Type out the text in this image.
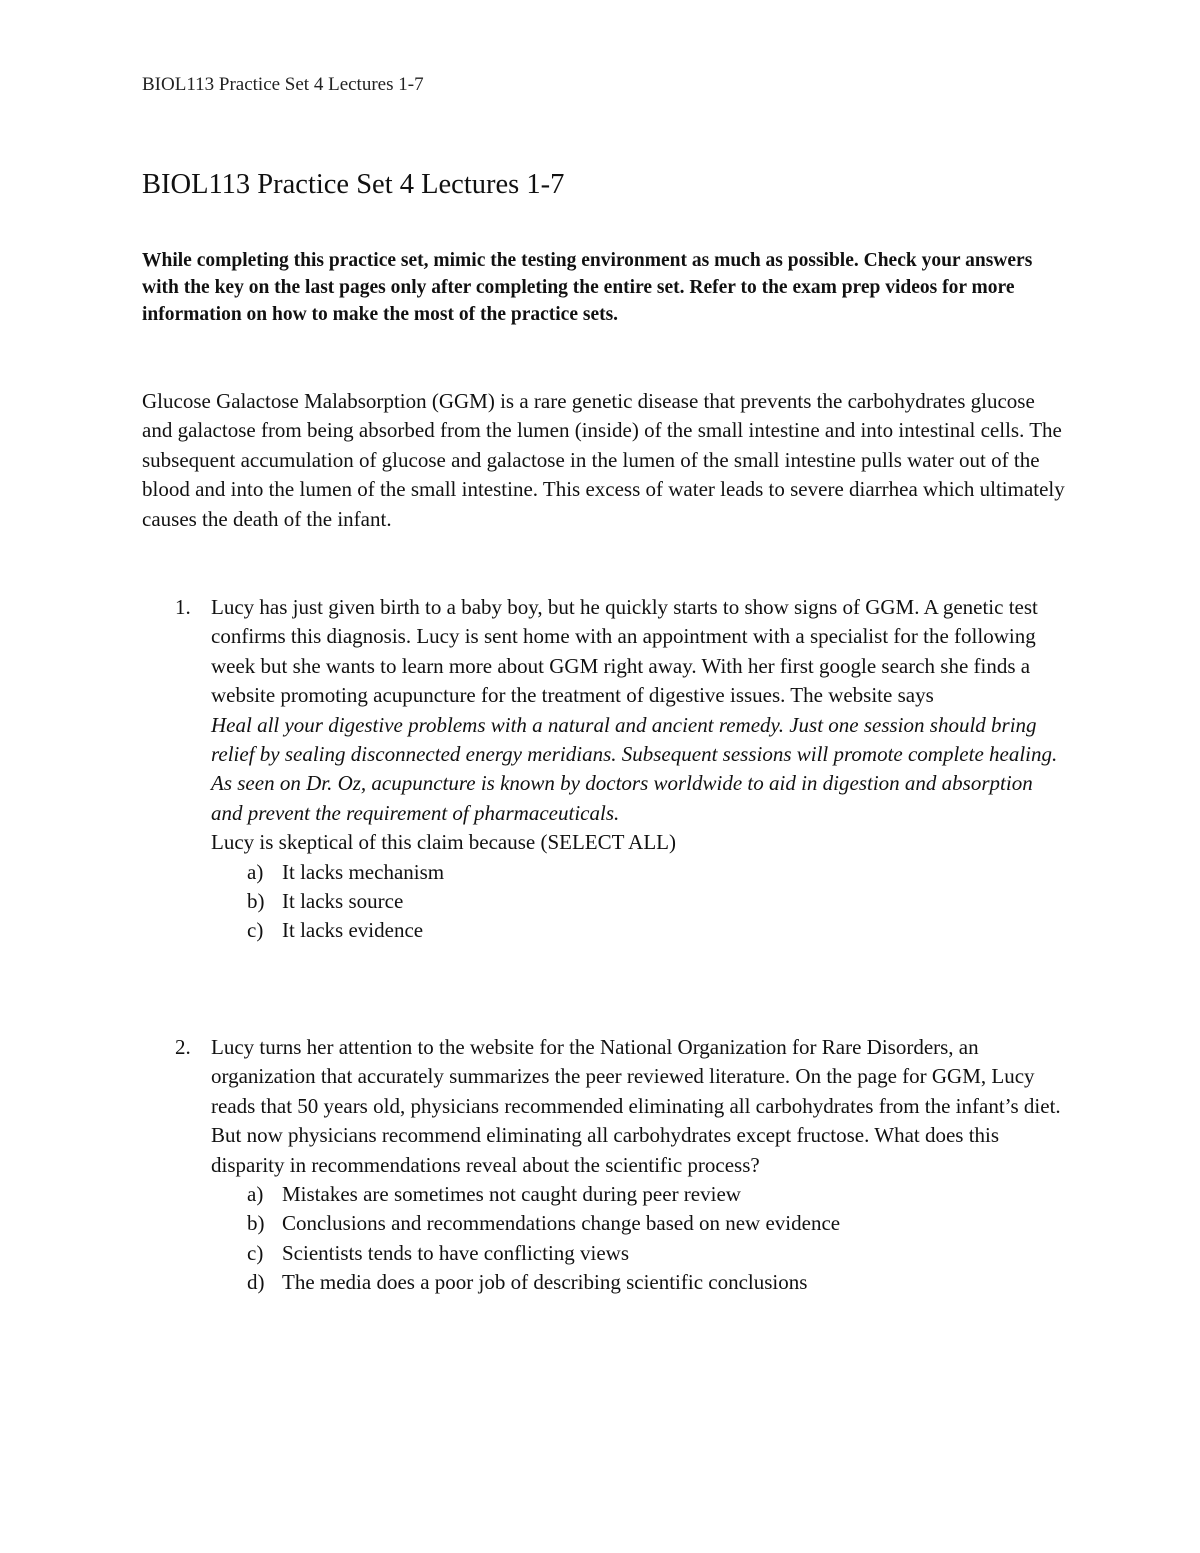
BIOL113 Practice Set 4 Lectures 1-7
BIOL113 Practice Set 4 Lectures 1-7

While completing this practice set, mimic the testing environment as much as possible. Check your answers with the key on the last pages only after completing the entire set. Refer to the exam prep videos for more information on how to make the most of the practice sets.

Glucose Galactose Malabsorption (GGM) is a rare genetic disease that prevents the carbohydrates glucose and galactose from being absorbed from the lumen (inside) of the small intestine and into intestinal cells. The subsequent accumulation of glucose and galactose in the lumen of the small intestine pulls water out of the blood and into the lumen of the small intestine. This excess of water leads to severe diarrhea which ultimately causes the death of the infant.

1. Lucy has just given birth to a baby boy, but he quickly starts to show signs of GGM. A genetic test confirms this diagnosis. Lucy is sent home with an appointment with a specialist for the following week but she wants to learn more about GGM right away. With her first google search she finds a website promoting acupuncture for the treatment of digestive issues. The website says

Heal all your digestive problems with a natural and ancient remedy. Just one session should bring relief by sealing disconnected energy meridians. Subsequent sessions will promote complete healing. As seen on Dr. Oz, acupuncture is known by doctors worldwide to aid in digestion and absorption and prevent the requirement of pharmaceuticals.

Lucy is skeptical of this claim because (SELECT ALL)

a) It lacks mechanism
b) It lacks source
c) It lacks evidence
2. Lucy turns her attention to the website for the National Organization for Rare Disorders, an organization that accurately summarizes the peer reviewed literature. On the page for GGM, Lucy reads that 50 years old, physicians recommended eliminating all carbohydrates from the infant’s diet. But now physicians recommend eliminating all carbohydrates except fructose. What does this disparity in recommendations reveal about the scientific process?

a) Mistakes are sometimes not caught during peer review
b) Conclusions and recommendations change based on new evidence
c) Scientists tends to have conflicting views
d) The media does a poor job of describing scientific conclusions
